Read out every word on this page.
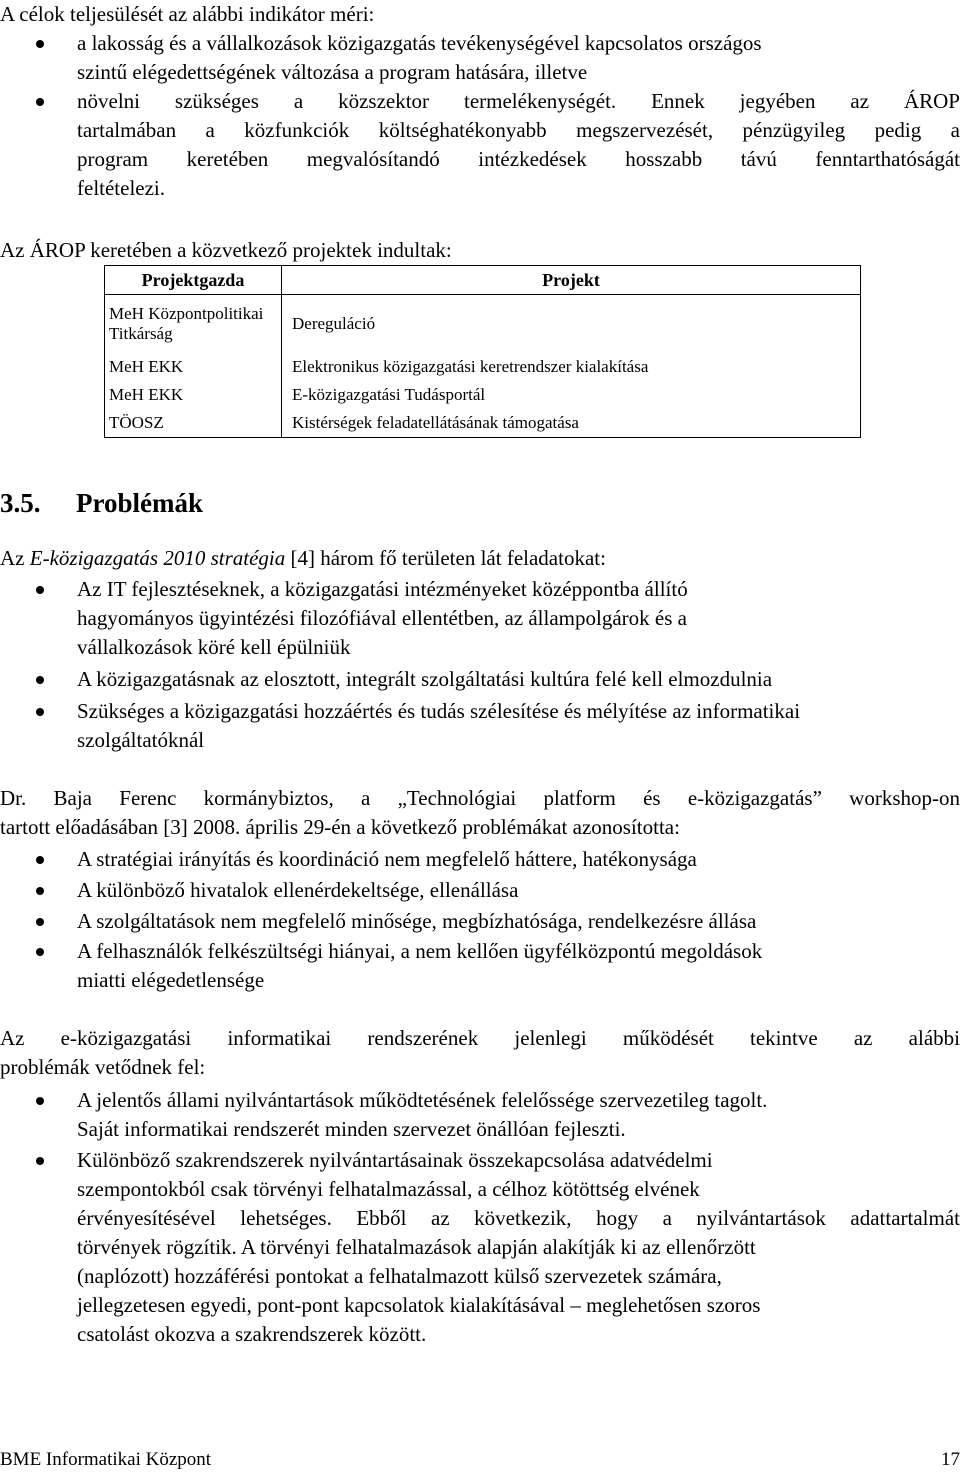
A célok teljesülését az alábbi indikátor méri:
a lakosság és a vállalkozások közigazgatás tevékenységével kapcsolatos országos
szintű elégedettségének változása a program hatására, illetve
növelni szükséges a közszektor termelékenységét. Ennek jegyében az ÁROP
tartalmában a közfunkciók költséghatékonyabb megszervezését, pénzügyileg pedig a
program keretében megvalósítandó intézkedések hosszabb távú fenntarthatóságát
feltételezi.
Az ÁROP keretében a közvetkező projektek indultak:
Projektgazda	Projekt
MeH Központpolitikai Titkárság	Dereguláció
MeH EKK	Elektronikus közigazgatási keretrendszer kialakítása
MeH EKK	E-közigazgatási Tudásportál
TÖOSZ	Kistérségek feladatellátásának támogatása
3.5. Problémák
Az E-közigazgatás 2010 stratégia [4] három fő területen lát feladatokat:
Az IT fejlesztéseknek, a közigazgatási intézményeket középpontba állító
hagyományos ügyintézési filozófiával ellentétben, az állampolgárok és a
vállalkozások köré kell épülniük
A közigazgatásnak az elosztott, integrált szolgáltatási kultúra felé kell elmozdulnia
Szükséges a közigazgatási hozzáértés és tudás szélesítése és mélyítése az informatikai
szolgáltatóknál
Dr. Baja Ferenc kormánybiztos, a „Technológiai platform és e-közigazgatás” workshop-on
tartott előadásában [3] 2008. április 29-én a következő problémákat azonosította:
A stratégiai irányítás és koordináció nem megfelelő háttere, hatékonysága
A különböző hivatalok ellenérdekeltsége, ellenállása
A szolgáltatások nem megfelelő minősége, megbízhatósága, rendelkezésre állása
A felhasználók felkészültségi hiányai, a nem kellően ügyfélközpontú megoldások
miatti elégedetlensége
Az e-közigazgatási informatikai rendszerének jelenlegi működését tekintve az alábbi
problémák vetődnek fel:
A jelentős állami nyilvántartások működtetésének felelőssége szervezetileg tagolt.
Saját informatikai rendszerét minden szervezet önállóan fejleszti.
Különböző szakrendszerek nyilvántartásainak összekapcsolása adatvédelmi
szempontokból csak törvényi felhatalmazással, a célhoz kötöttség elvének
érvényesítésével lehetséges. Ebből az következik, hogy a nyilvántartások adattartalmát
törvények rögzítik. A törvényi felhatalmazások alapján alakítják ki az ellenőrzött
(naplózott) hozzáférési pontokat a felhatalmazott külső szervezetek számára,
jellegzetesen egyedi, pont-pont kapcsolatok kialakításával – meglehetősen szoros
csatolást okozva a szakrendszerek között.
BME Informatikai Központ	17
